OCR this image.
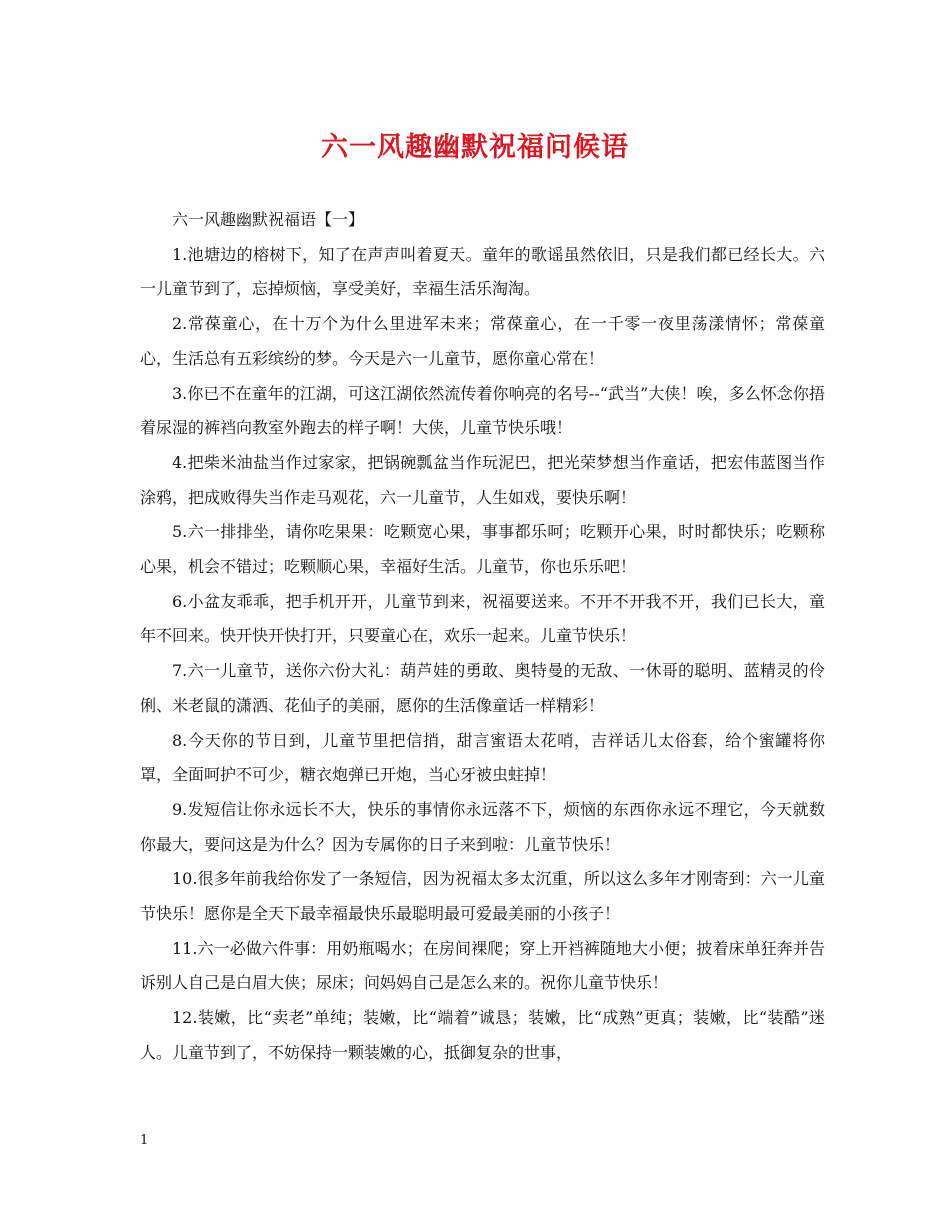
六一风趣幽默祝福问候语

六一风趣幽默祝福语【一】

1.池塘边的榕树下，知了在声声叫着夏天。童年的歌谣虽然依旧，只是我们都已经长大。六一儿童节到了，忘掉烦恼，享受美好，幸福生活乐淘淘。

2.常葆童心，在十万个为什么里进军未来；常葆童心，在一千零一夜里荡漾情怀；常葆童心，生活总有五彩缤纷的梦。今天是六一儿童节，愿你童心常在！

3.你已不在童年的江湖，可这江湖依然流传着你响亮的名号--“武当”大侠！唉，多么怀念你捂着尿湿的裤裆向教室外跑去的样子啊！大侠，儿童节快乐哦！

4.把柴米油盐当作过家家，把锅碗瓢盆当作玩泥巴，把光荣梦想当作童话，把宏伟蓝图当作涂鸦，把成败得失当作走马观花，六一儿童节，人生如戏，要快乐啊！

5.六一排排坐，请你吃果果：吃颗宽心果，事事都乐呵；吃颗开心果，时时都快乐；吃颗称心果，机会不错过；吃颗顺心果，幸福好生活。儿童节，你也乐乐吧！

6.小盆友乖乖，把手机开开，儿童节到来，祝福要送来。不开不开我不开，我们已长大，童年不回来。快开快开快打开，只要童心在，欢乐一起来。儿童节快乐！

7.六一儿童节，送你六份大礼：葫芦娃的勇敢、奥特曼的无敌、一休哥的聪明、蓝精灵的伶俐、米老鼠的潇洒、花仙子的美丽，愿你的生活像童话一样精彩！

8.今天你的节日到，儿童节里把信捎，甜言蜜语太花哨，吉祥话儿太俗套，给个蜜罐将你罩，全面呵护不可少，糖衣炮弹已开炮，当心牙被虫蛀掉！

9.发短信让你永远长不大，快乐的事情你永远落不下，烦恼的东西你永远不理它，今天就数你最大，要问这是为什么？因为专属你的日子来到啦：儿童节快乐！

10.很多年前我给你发了一条短信，因为祝福太多太沉重，所以这么多年才刚寄到：六一儿童节快乐！愿你是全天下最幸福最快乐最聪明最可爱最美丽的小孩子！

11.六一必做六件事：用奶瓶喝水；在房间裸爬；穿上开裆裤随地大小便；披着床单狂奔并告诉别人自己是白眉大侠；尿床；问妈妈自己是怎么来的。祝你儿童节快乐！

12.装嫩，比“卖老”单纯；装嫩，比“端着”诚恳；装嫩，比“成熟”更真；装嫩，比“装酷”迷人。儿童节到了，不妨保持一颗装嫩的心，抵御复杂的世事，

1
